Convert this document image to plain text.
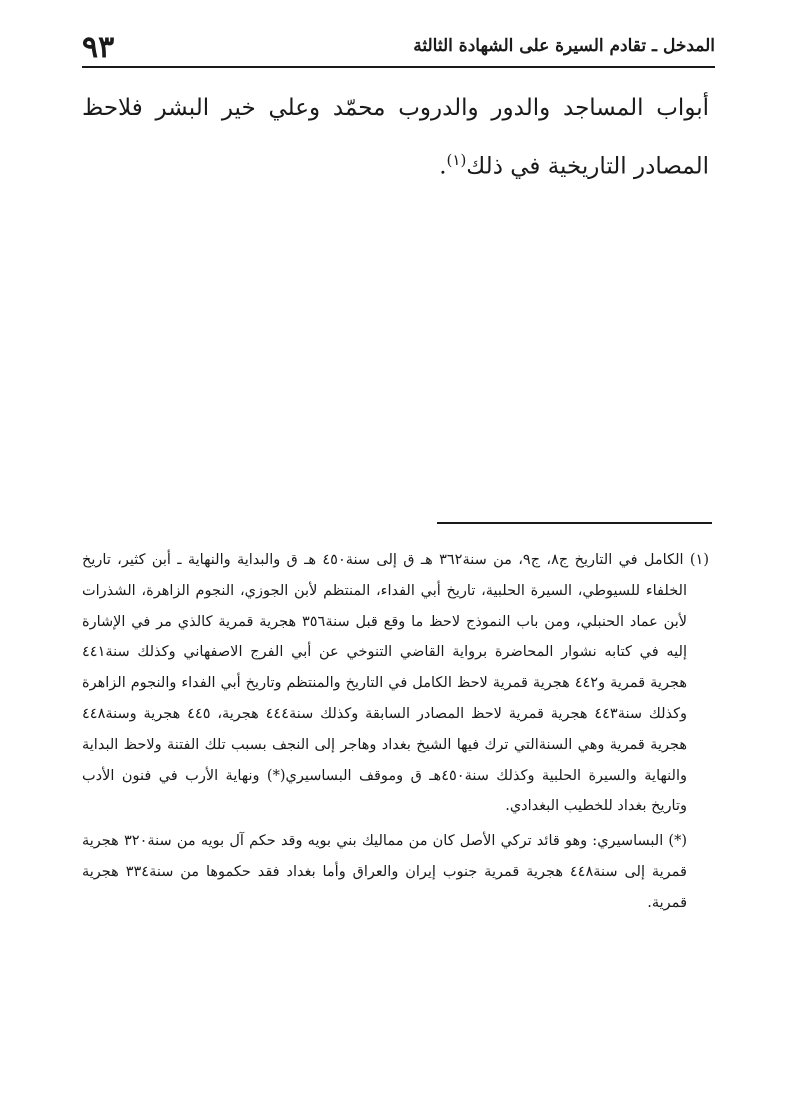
المدخل ـ تقادم السيرة على الشهادة الثالثة
٩٣
أبواب المساجد والدور والدروب محمّد وعلي خير البشر فلاحظ المصادر التاريخية في ذلك$^{(١)}$.

(١) الكامل في التاريخ ج٨، ج٩، من سنة٣٦٢ هـ ق إلى سنة٤٥٠ هـ ق والبداية والنهاية ـ أبن كثير، تاريخ الخلفاء للسيوطي، السيرة الحلبية، تاريخ أبي الفداء، المنتظم لأبن الجوزي، النجوم الزاهرة، الشذرات لأبن عماد الحنبلي، ومن باب النموذج لاحظ ما وقع قبل سنة٣٥٦ هجرية قمرية كالذي مر في الإشارة إليه في كتابه نشوار المحاضرة برواية القاضي التنوخي عن أبي الفرج الاصفهاني وكذلك سنة٤٤١ هجرية قمرية و٤٤٢ هجرية قمرية لاحظ الكامل في التاريخ والمنتظم وتاريخ أبي الفداء والنجوم الزاهرة وكذلك سنة٤٤٣ هجرية قمرية لاحظ المصادر السابقة وكذلك سنة٤٤٤ هجرية، ٤٤٥ هجرية وسنة٤٤٨ هجرية قمرية وهي السنةالتي ترك فيها الشيخ بغداد وهاجر إلى النجف بسبب تلك الفتنة ولاحظ البداية والنهاية والسيرة الحلبية وكذلك سنة٤٥٠هـ ق وموقف البساسيري(*) ونهاية الأرب في فنون الأدب وتاريخ بغداد للخطيب البغدادي.

(*) البساسيري: وهو قائد تركي الأصل كان من مماليك بني بويه وقد حكم آل بويه من سنة٣٢٠ هجرية قمرية إلى سنة٤٤٨ هجرية قمرية جنوب إيران والعراق وأما بغداد فقد حكموها من سنة٣٣٤ هجرية قمرية.
